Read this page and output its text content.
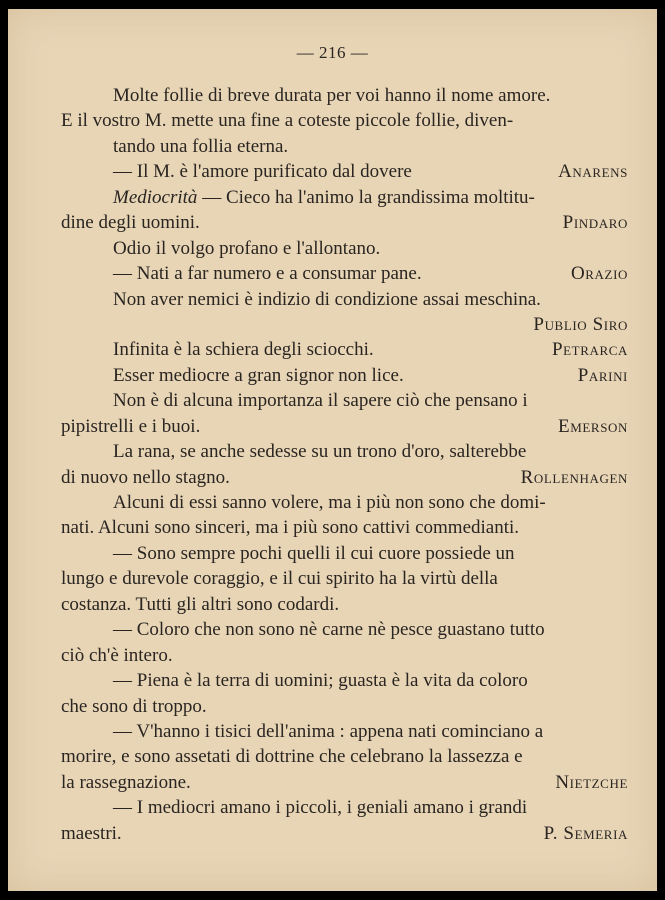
— 216 —
Molte follie di breve durata per voi hanno il nome amore.
E il vostro M. mette una fine a coteste piccole follie, diven-
tando una follia eterna.
— Il M. è l'amore purificato dal dovere	Anarens
Mediocrità — Cieco ha l'animo la grandissima moltitu-
dine degli uomini.	Pindaro
Odio il volgo profano e l'allontano.
— Nati a far numero e a consumar pane.	Orazio
Non aver nemici è indizio di condizione assai meschina.
Publio Siro
Infinita è la schiera degli sciocchi.	Petrarca
Esser mediocre a gran signor non lice.	Parini
Non è di alcuna importanza il sapere ciò che pensano i
pipistrelli e i buoi.	Emerson
La rana, se anche sedesse su un trono d'oro, salterebbe
di nuovo nello stagno.	Rollenhagen
Alcuni di essi sanno volere, ma i più non sono che domi-
nati. Alcuni sono sinceri, ma i più sono cattivi commedianti.
— Sono sempre pochi quelli il cui cuore possiede un
lungo e durevole coraggio, e il cui spirito ha la virtù della
costanza. Tutti gli altri sono codardi.
— Coloro che non sono nè carne nè pesce guastano tutto
ciò ch'è intero.
— Piena è la terra di uomini; guasta è la vita da coloro
che sono di troppo.
— V'hanno i tisici dell'anima : appena nati cominciano a
morire, e sono assetati di dottrine che celebrano la lassezza e
la rassegnazione.	Nietzche
— I mediocri amano i piccoli, i geniali amano i grandi
maestri.	P. Semeria
